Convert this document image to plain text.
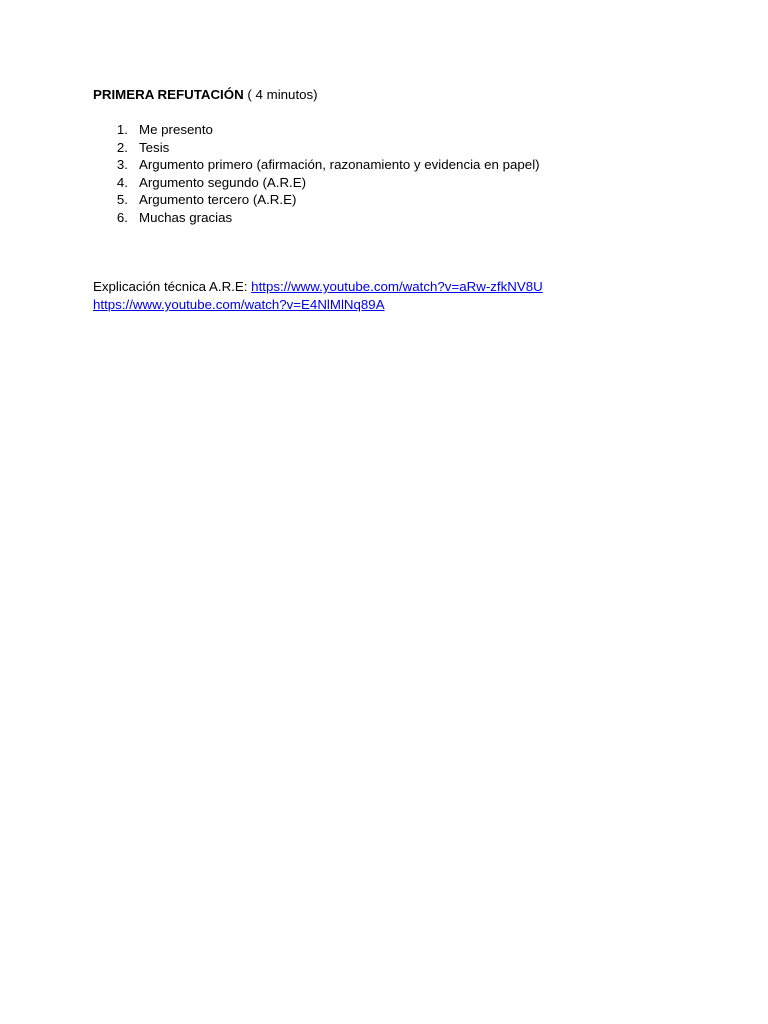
PRIMERA REFUTACIÓN ( 4 minutos)

1. Me presento
2. Tesis
3. Argumento primero (afirmación, razonamiento y evidencia en papel)
4. Argumento segundo (A.R.E)
5. Argumento tercero (A.R.E)
6. Muchas gracias
Explicación técnica A.R.E: https://www.youtube.com/watch?v=aRw-zfkNV8U
https://www.youtube.com/watch?v=E4NlMlNq89A
